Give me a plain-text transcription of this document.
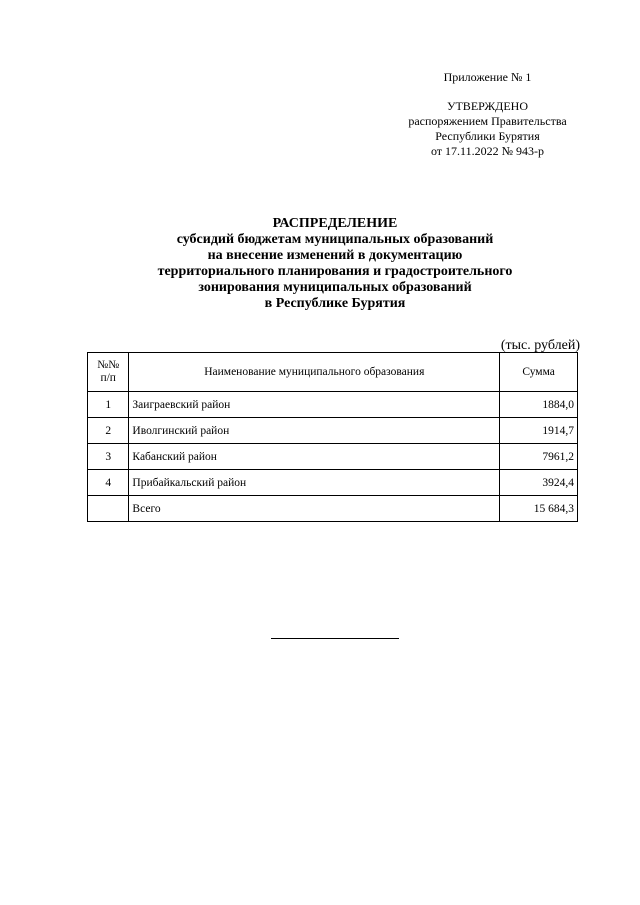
Приложение № 1
УТВЕРЖДЕНО
распоряжением Правительства
Республики Бурятия
от 17.11.2022 № 943-р
РАСПРЕДЕЛЕНИЕ
субсидий бюджетам муниципальных образований
на внесение изменений в документацию
территориального планирования и градостроительного
зонирования муниципальных образований
в Республике Бурятия
(тыс. рублей)
№№
п/п	Наименование муниципального образования	Сумма
1	Заиграевский район	1884,0
2	Иволгинский район	1914,7
3	Кабанский район	7961,2
4	Прибайкальский район	3924,4
	Всего	15 684,3
